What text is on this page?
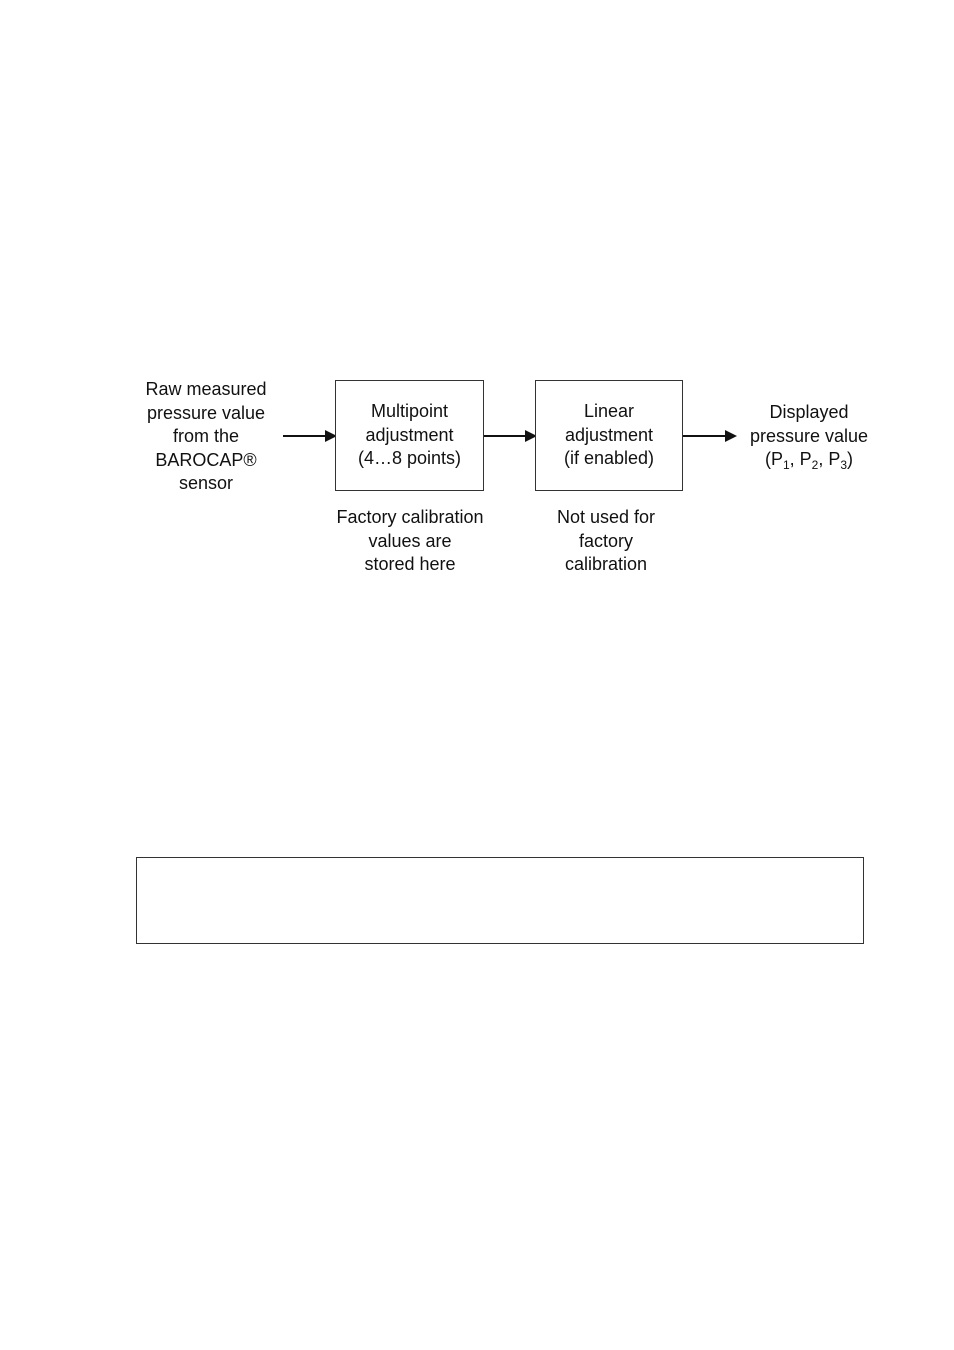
Raw measured
pressure value
from the
BAROCAP®
sensor
Multipoint
adjustment
(4…8 points)
Linear
adjustment
(if enabled)
Displayed
pressure value
($P_1$, $P_2$, $P_3$)
Factory calibration
values are
stored here
Not used for
factory
calibration
